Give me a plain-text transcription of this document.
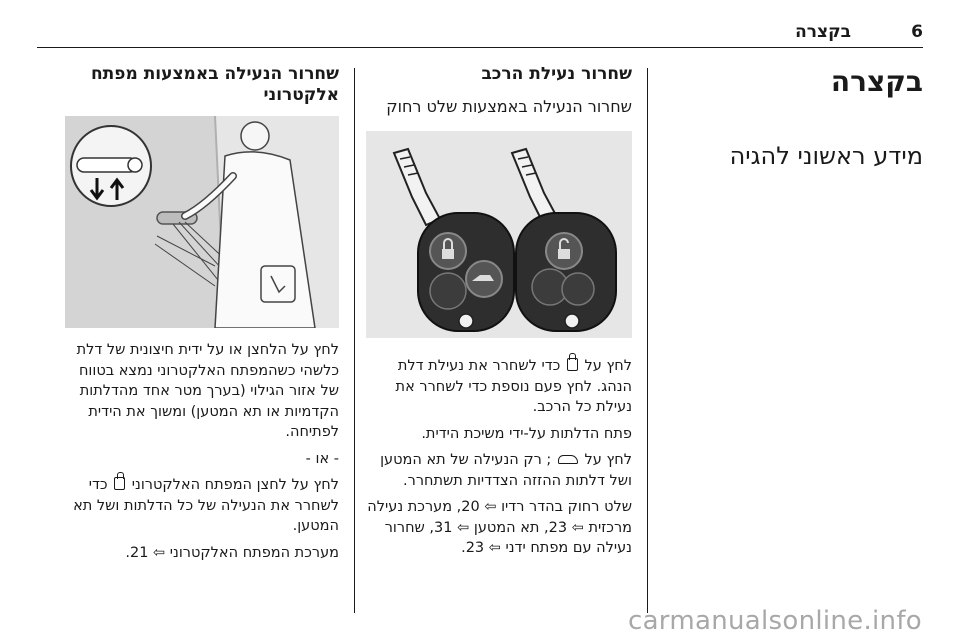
6
בקצרה
בקצרה
מידע ראשוני להגיה
שחרור נעילת הרכב
שחרור הנעילה באמצעות שלט רחוק

לחץ על  כדי לשחרר את נעילת דלת הנהג. לחץ פעם נוספת כדי לשחרר את נעילת כל הרכב.

פתח הדלתות על-ידי משיכת הידית.

לחץ על  ; רק הנעילה של תא המטען ושל דלתות ההזזה הצדדיות תשתחרר.

שלט רחוק בהדר רדיו ⇦ 20, מערכת נעילה מרכזית ⇦ 23, תא המטען ⇦ 31, שחרור נעילה עם מפתח ידני ⇦ 23.

שחרור הנעילה באמצעות מפתח אלקטרוני

לחץ על הלחצן או על ידית חיצונית של דלת כלשהי כשהמפתח האלקטרוני נמצא בטווח של אזור הגילוי (בערך מטר אחד מהדלתות הקדמיות או תא המטען) ומשוך את הידית לפתיחה.

- או -

לחץ על לחצן המפתח האלקטרוני  כדי לשחרר את הנעילה של כל הדלתות ושל תא המטען.

מערכת המפתח האלקטרוני ⇦ 21.

carmanualsonline.info
